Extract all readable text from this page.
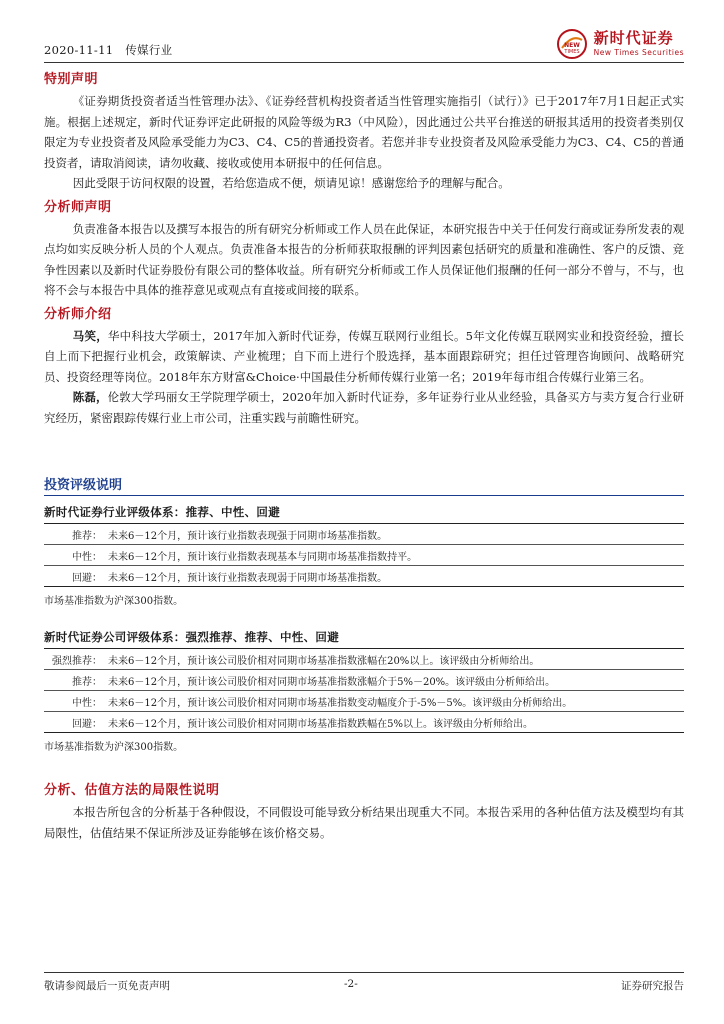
2020-11-11 传媒行业	NEW
TIMES
新时代证券
New Times Securities
特别声明

《证券期货投资者适当性管理办法》、《证券经营机构投资者适当性管理实施指引（试行）》已于2017年7月1日起正式实施。根据上述规定，新时代证券评定此研报的风险等级为R3（中风险），因此通过公共平台推送的研报其适用的投资者类别仅限定为专业投资者及风险承受能力为C3、C4、C5的普通投资者。若您并非专业投资者及风险承受能力为C3、C4、C5的普通投资者，请取消阅读，请勿收藏、接收或使用本研报中的任何信息。

因此受限于访问权限的设置，若给您造成不便，烦请见谅！感谢您给予的理解与配合。

分析师声明

负责准备本报告以及撰写本报告的所有研究分析师或工作人员在此保证，本研究报告中关于任何发行商或证券所发表的观点均如实反映分析人员的个人观点。负责准备本报告的分析师获取报酬的评判因素包括研究的质量和准确性、客户的反馈、竞争性因素以及新时代证券股份有限公司的整体收益。所有研究分析师或工作人员保证他们报酬的任何一部分不曾与，不与，也将不会与本报告中具体的推荐意见或观点有直接或间接的联系。

分析师介绍

马笑，华中科技大学硕士，2017年加入新时代证券，传媒互联网行业组长。5年文化传媒互联网实业和投资经验，擅长自上而下把握行业机会，政策解读、产业梳理；自下而上进行个股选择，基本面跟踪研究；担任过管理咨询顾问、战略研究员、投资经理等岗位。2018年东方财富&Choice·中国最佳分析师传媒行业第一名；2019年每市组合传媒行业第三名。

陈磊，伦敦大学玛丽女王学院理学硕士，2020年加入新时代证券，多年证券行业从业经验，具备买方与卖方复合行业研究经历，紧密跟踪传媒行业上市公司，注重实践与前瞻性研究。

投资评级说明
新时代证券行业评级体系：推荐、中性、回避
推荐：	未来6－12个月，预计该行业指数表现强于同期市场基准指数。
中性：	未来6－12个月，预计该行业指数表现基本与同期市场基准指数持平。
回避：	未来6－12个月，预计该行业指数表现弱于同期市场基准指数。
市场基准指数为沪深300指数。
新时代证券公司评级体系：强烈推荐、推荐、中性、回避
强烈推荐：	未来6－12个月，预计该公司股价相对同期市场基准指数涨幅在20%以上。该评级由分析师给出。
推荐：	未来6－12个月，预计该公司股价相对同期市场基准指数涨幅介于5%－20%。该评级由分析师给出。
中性：	未来6－12个月，预计该公司股价相对同期市场基准指数变动幅度介于-5%－5%。该评级由分析师给出。
回避：	未来6－12个月，预计该公司股价相对同期市场基准指数跌幅在5%以上。该评级由分析师给出。
市场基准指数为沪深300指数。
分析、估值方法的局限性说明

本报告所包含的分析基于各种假设，不同假设可能导致分析结果出现重大不同。本报告采用的各种估值方法及模型均有其局限性，估值结果不保证所涉及证券能够在该价格交易。

敬请参阅最后一页免责声明	-2-	证券研究报告
